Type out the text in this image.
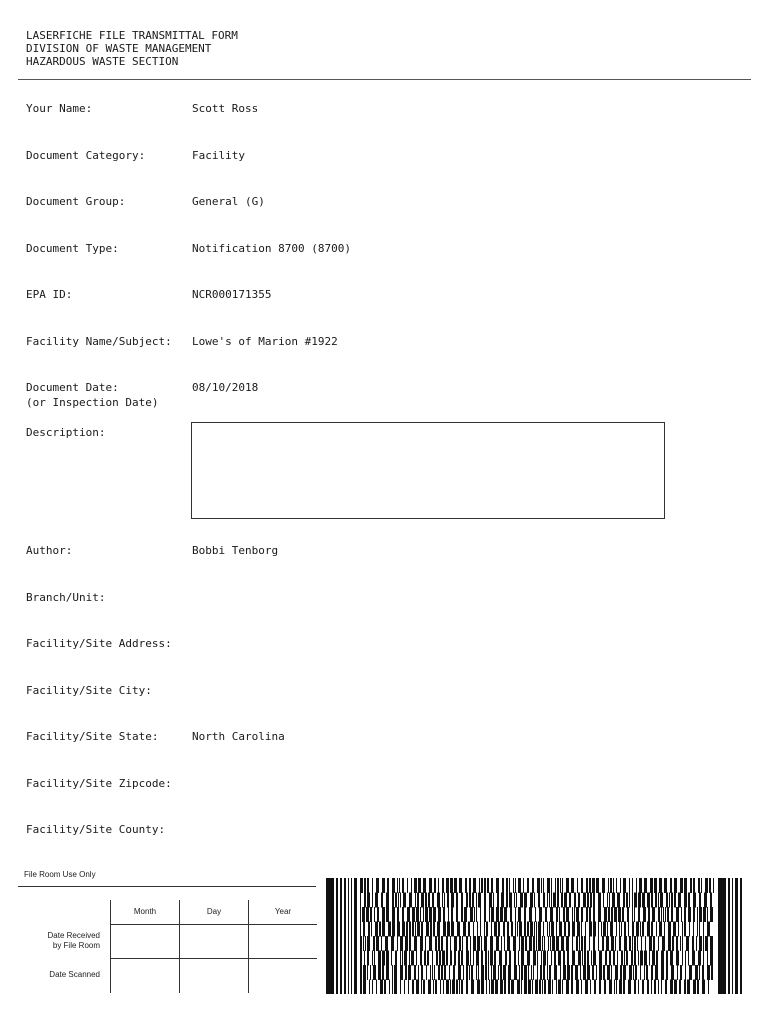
LASERFICHE FILE TRANSMITTAL FORM
DIVISION OF WASTE MANAGEMENT
HAZARDOUS WASTE SECTION
Your Name:	Scott Ross
Document Category:	Facility
Document Group:	General (G)
Document Type:	Notification 8700 (8700)
EPA ID:	NCR000171355
Facility Name/Subject: Lowe's of Marion #1922
Document Date:
(or Inspection Date)
08/10/2018
Description:
Author:	Bobbi Tenborg
Branch/Unit:
Facility/Site Address:
Facility/Site City:
Facility/Site State:	North Carolina
Facility/Site Zipcode:
Facility/Site County:
File Room Use Only
	Month	Day	Year

Date Received
by File Room			

Date Scanned			
